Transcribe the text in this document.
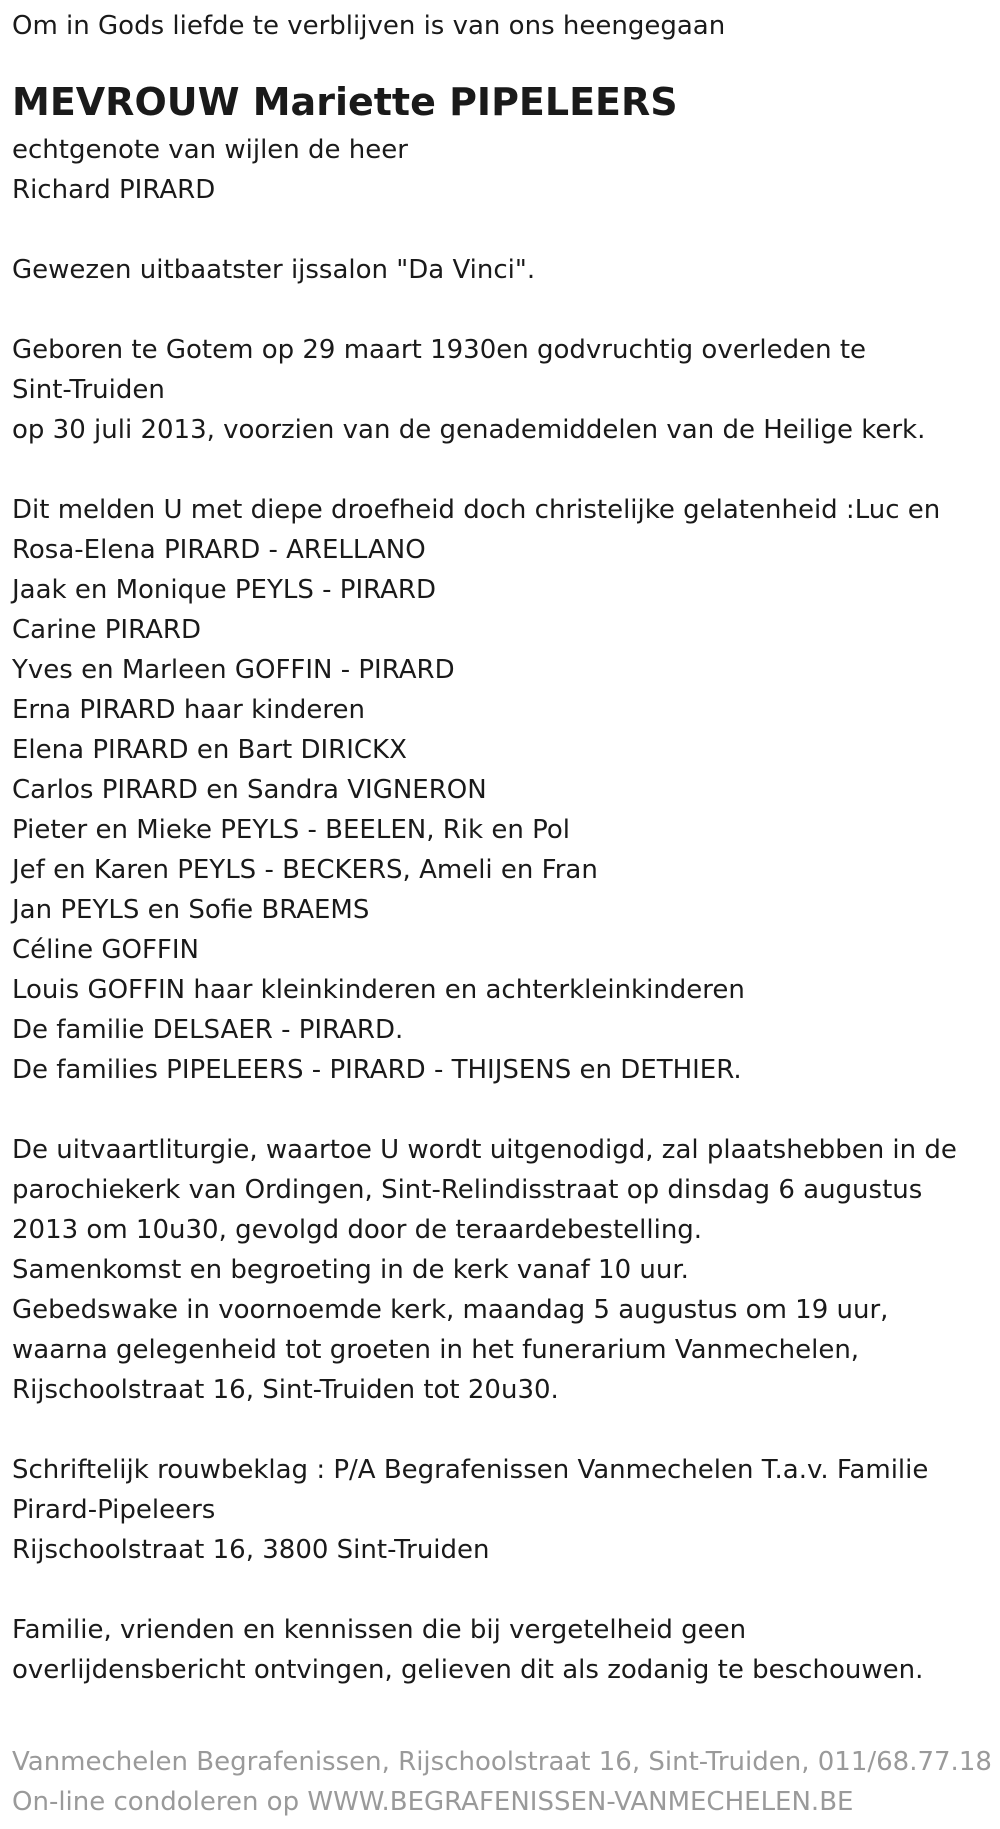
Om in Gods liefde te verblijven is van ons heengegaan
MEVROUW Mariette PIPELEERS
echtgenote van wijlen de heer
Richard PIRARD
Gewezen uitbaatster ijssalon "Da Vinci".
Geboren te Gotem op 29 maart 1930en godvruchtig overleden te
Sint-Truiden
op 30 juli 2013, voorzien van de genademiddelen van de Heilige kerk.
Dit melden U met diepe droefheid doch christelijke gelatenheid :Luc en
Rosa-Elena PIRARD - ARELLANO
Jaak en Monique PEYLS - PIRARD
Carine PIRARD
Yves en Marleen GOFFIN - PIRARD
Erna PIRARD haar kinderen
Elena PIRARD en Bart DIRICKX
Carlos PIRARD en Sandra VIGNERON
Pieter en Mieke PEYLS - BEELEN, Rik en Pol
Jef en Karen PEYLS - BECKERS, Ameli en Fran
Jan PEYLS en Sofie BRAEMS
Céline GOFFIN
Louis GOFFIN haar kleinkinderen en achterkleinkinderen
De familie DELSAER - PIRARD.
De families PIPELEERS - PIRARD - THIJSENS en DETHIER.
De uitvaartliturgie, waartoe U wordt uitgenodigd, zal plaatshebben in de
parochiekerk van Ordingen, Sint-Relindisstraat op dinsdag 6 augustus
2013 om 10u30, gevolgd door de teraardebestelling.
Samenkomst en begroeting in de kerk vanaf 10 uur.
Gebedswake in voornoemde kerk, maandag 5 augustus om 19 uur,
waarna gelegenheid tot groeten in het funerarium Vanmechelen,
Rijschoolstraat 16, Sint-Truiden tot 20u30.
Schriftelijk rouwbeklag : P/A Begrafenissen Vanmechelen T.a.v. Familie
Pirard-Pipeleers
Rijschoolstraat 16, 3800 Sint-Truiden
Familie, vrienden en kennissen die bij vergetelheid geen
overlijdensbericht ontvingen, gelieven dit als zodanig te beschouwen.
Vanmechelen Begrafenissen, Rijschoolstraat 16, Sint-Truiden, 011/68.77.18
On-line condoleren op WWW.BEGRAFENISSEN-VANMECHELEN.BE
